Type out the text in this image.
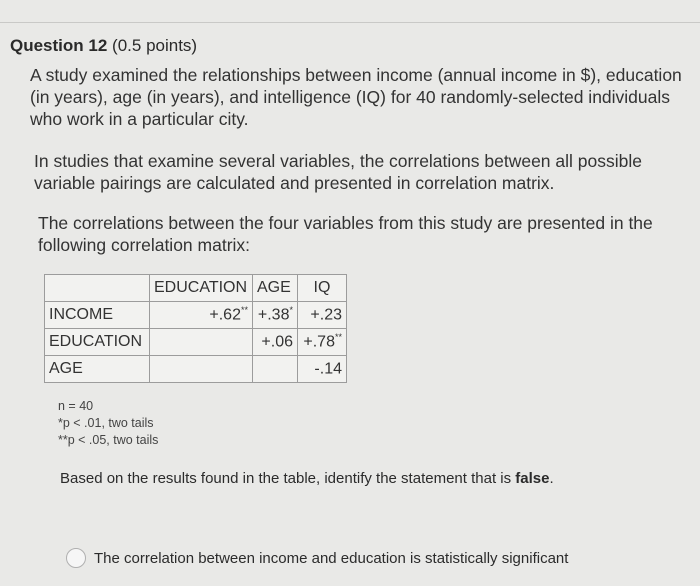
Question 12 (0.5 points)

A study examined the relationships between income (annual income in $), education (in years), age (in years), and intelligence (IQ) for 40 randomly-selected individuals who work in a particular city.

In studies that examine several variables, the correlations between all possible variable pairings are calculated and presented in correlation matrix.

The correlations between the four variables from this study are presented in the following correlation matrix:

	EDUCATION	AGE	IQ
INCOME	+.62**	+.38*	+.23
EDUCATION		+.06	+.78**
AGE			-.14
n = 40
*p < .01, two tails
**p < .05, two tails
Based on the results found in the table, identify the statement that is false.
The correlation between income and education is statistically significant
